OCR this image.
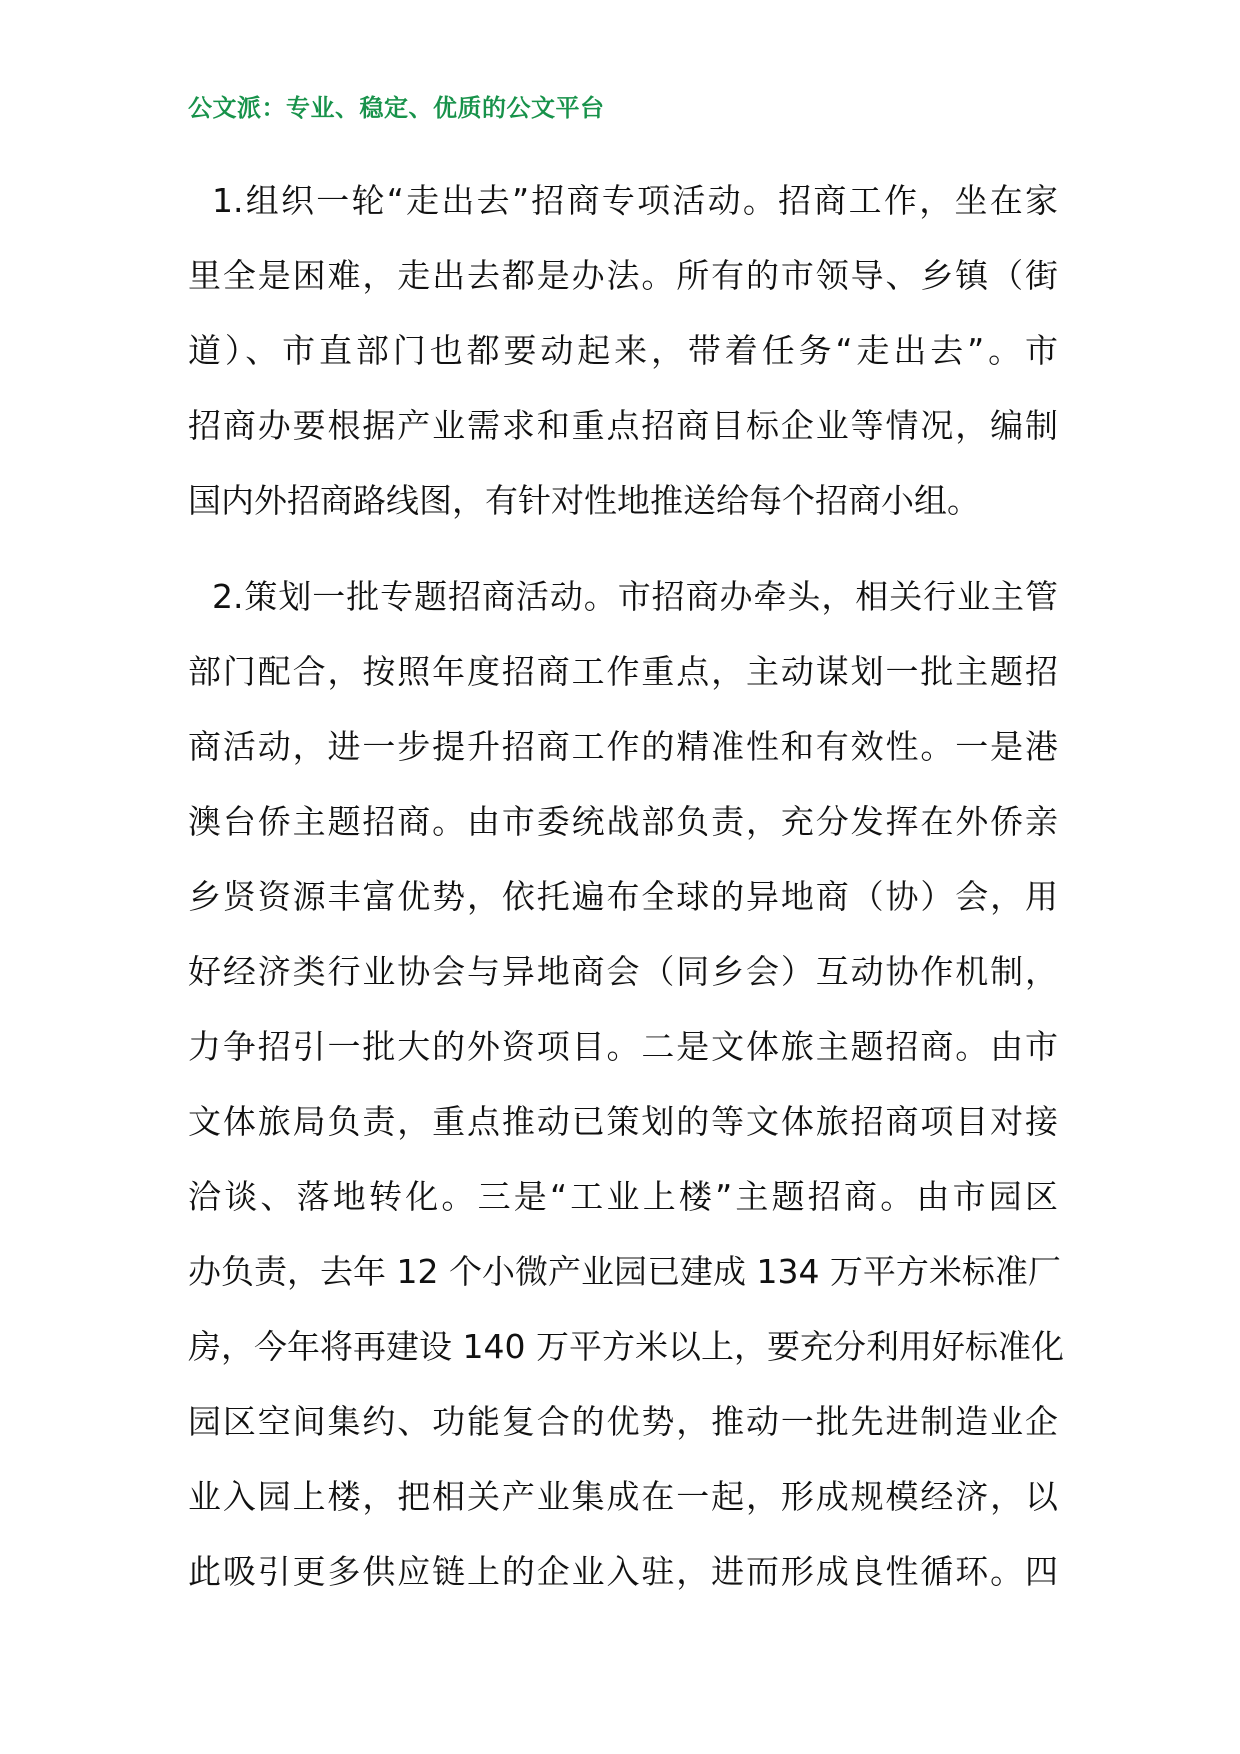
公文派：专业、稳定、优质的公文平台
1.组织一轮“走出去”招商专项活动。招商工作，坐在家
里全是困难，走出去都是办法。所有的市领导、乡镇（街
道）、市直部门也都要动起来，带着任务“走出去”。市
招商办要根据产业需求和重点招商目标企业等情况，编制
国内外招商路线图，有针对性地推送给每个招商小组。
2.策划一批专题招商活动。市招商办牵头，相关行业主管
部门配合，按照年度招商工作重点，主动谋划一批主题招
商活动，进一步提升招商工作的精准性和有效性。一是港
澳台侨主题招商。由市委统战部负责，充分发挥在外侨亲
乡贤资源丰富优势，依托遍布全球的异地商（协）会，用
好经济类行业协会与异地商会（同乡会）互动协作机制，
力争招引一批大的外资项目。二是文体旅主题招商。由市
文体旅局负责，重点推动已策划的等文体旅招商项目对接
洽谈、落地转化。三是“工业上楼”主题招商。由市园区
办负责，去年 12 个小微产业园已建成 134 万平方米标准厂
房，今年将再建设 140 万平方米以上，要充分利用好标准化
园区空间集约、功能复合的优势，推动一批先进制造业企
业入园上楼，把相关产业集成在一起，形成规模经济，以
此吸引更多供应链上的企业入驻，进而形成良性循环。四
